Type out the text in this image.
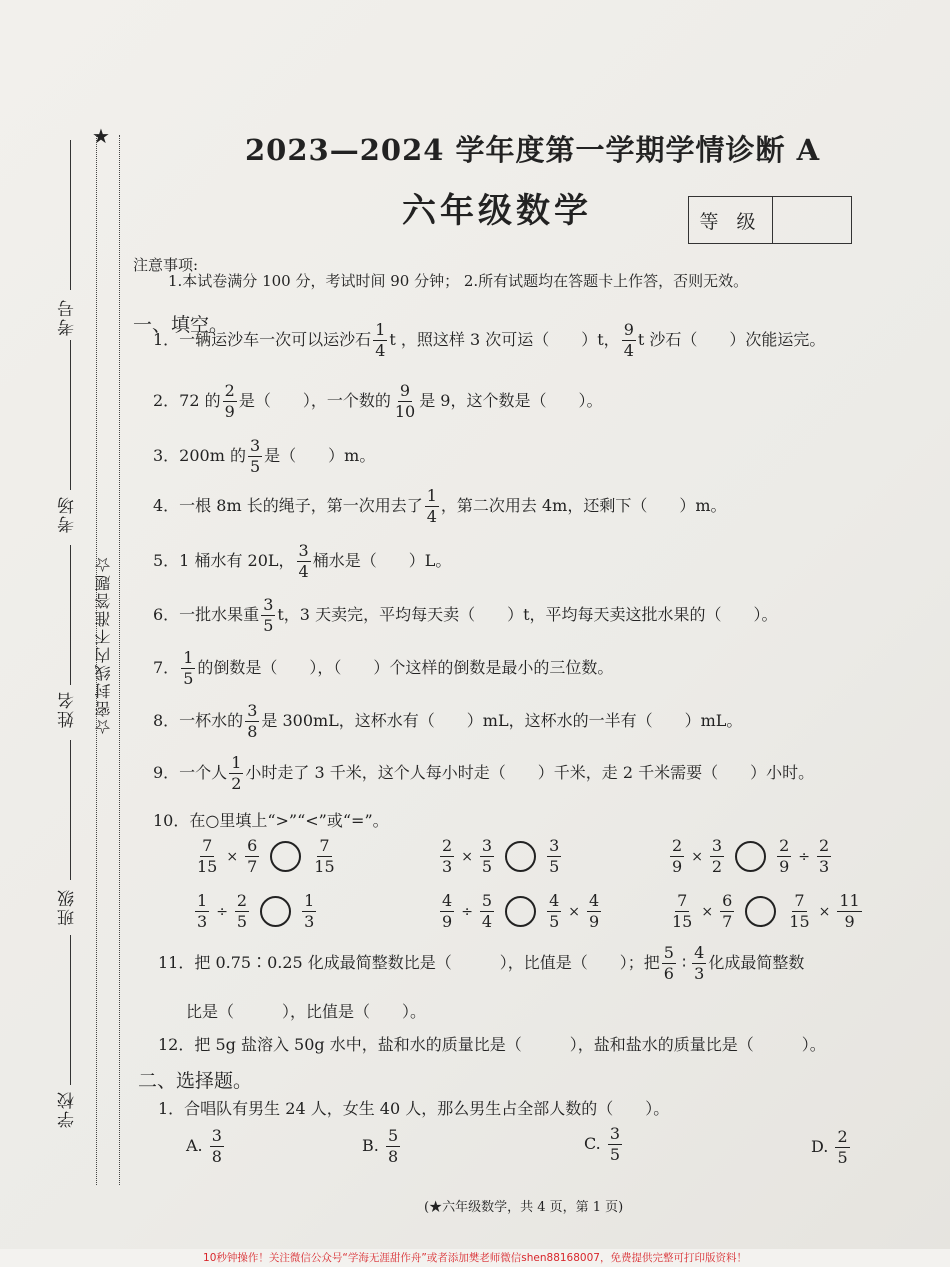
★
☆密封线内不准答题☆
考号
考场
姓名
班级
学校
2023—2024 学年度第一学期学情诊断 A
六年级数学	等 级
注意事项:
1.本试卷满分 100 分，考试时间 90 分钟； 2.所有试题均在答题卡上作答，否则无效。
一、填空。
1．一辆运沙车一次可以运沙石 $\frac{1}{4}$ t ，照这样 3 次可运（　　）t， $\frac{9}{4}$ t 沙石（　　）次能运完。
2．72 的 $\frac{2}{9}$ 是（　　），一个数的 $\frac{9}{10}$ 是 9，这个数是（　　）。
3．200m 的 $\frac{3}{5}$ 是（　　）m。
4．一根 8m 长的绳子，第一次用去了 $\frac{1}{4}$ ，第二次用去 4m，还剩下（　　）m。
5．1 桶水有 20L， $\frac{3}{4}$ 桶水是（　　）L。
6．一批水果重 $\frac{3}{5}$ t，3 天卖完，平均每天卖（　　）t，平均每天卖这批水果的（　　）。
7． $\frac{1}{5}$ 的倒数是（　　），（　　）个这样的倒数是最小的三位数。
8．一杯水的 $\frac{3}{8}$ 是 300mL，这杯水有（　　）mL，这杯水的一半有（　　）mL。
9．一个人 $\frac{1}{2}$ 小时走了 3 千米，这个人每小时走（　　）千米，走 2 千米需要（　　）小时。
10．在○里填上“>”“<”或“=”。
$\frac{7}{15} \times \frac{6}{7}$	$\frac{7}{15}$	$\frac{2}{3} \times \frac{3}{5}$	$\frac{3}{5}$	$\frac{2}{9} \times \frac{3}{2}$	$\frac{2}{9} \div \frac{2}{3}$
$\frac{1}{3} \div \frac{2}{5}$	$\frac{1}{3}$	$\frac{4}{9} \div \frac{5}{4}$	$\frac{4}{5} \times \frac{4}{9}$	$\frac{7}{15} \times \frac{6}{7}$	$\frac{7}{15} \times \frac{11}{9}$
11．把 0.75∶0.25 化成最简整数比是（　　　），比值是（　　）；把 $\frac{5}{6}$ ∶ $\frac{4}{3}$ 化成最简整数
比是（　　　），比值是（　　）。
12．把 5g 盐溶入 50g 水中，盐和水的质量比是（　　　），盐和盐水的质量比是（　　　）。
二、选择题。
1．合唱队有男生 24 人，女生 40 人，那么男生占全部人数的（　　）。
A. $\frac{3}{8}$	B. $\frac{5}{8}$	C. $\frac{3}{5}$	D. $\frac{2}{5}$
(★六年级数学，共 4 页，第 1 页)
10秒钟操作！关注微信公众号“学海无涯甜作舟”或者添加樊老师微信shen88168007，免费提供完整可打印版资料！
